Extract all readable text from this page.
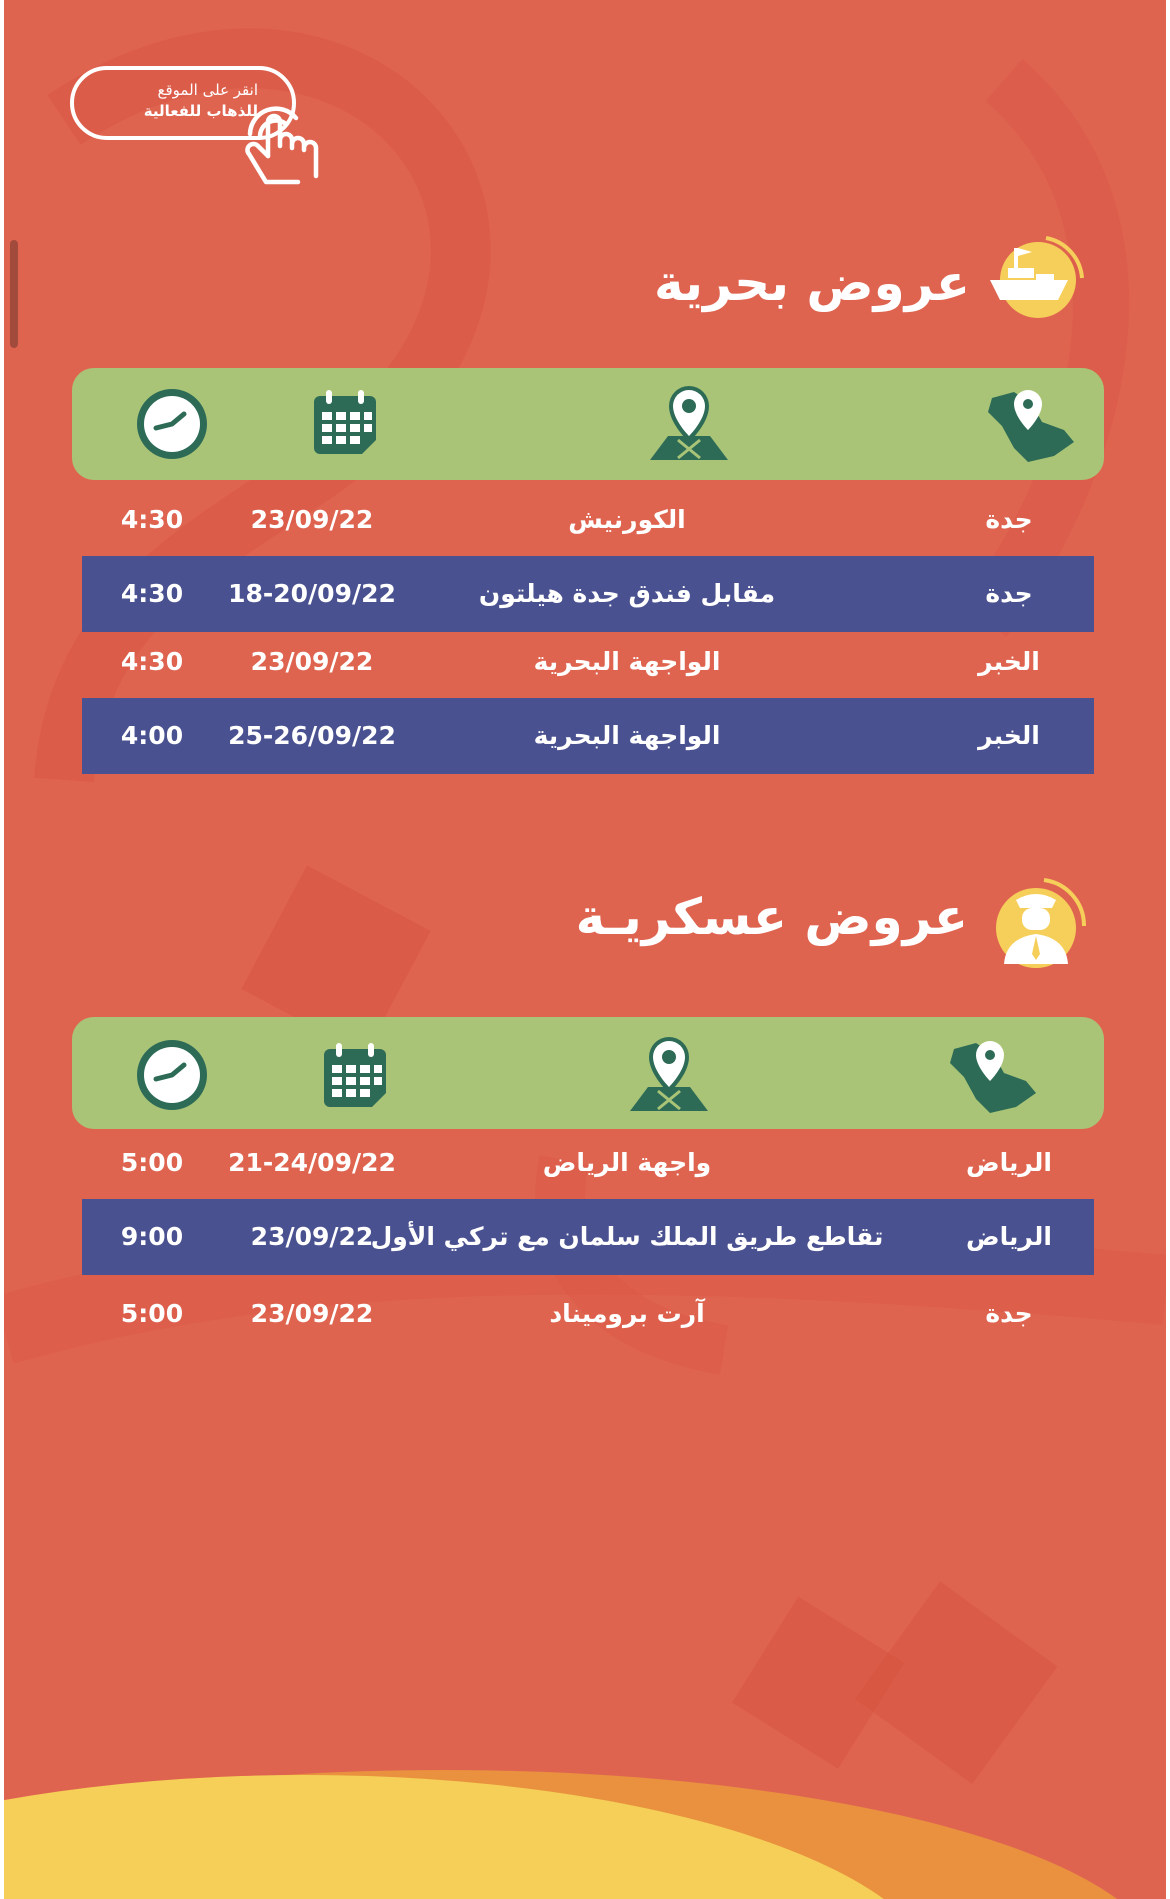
انقر على الموقع
للذهاب للفعالية
عروض بحرية
جدة
الكورنيش
23/09/22
4:30
جدة
مقابل فندق جدة هيلتون
18-20/09/22
4:30
الخبر
الواجهة البحرية
23/09/22
4:30
الخبر
الواجهة البحرية
25-26/09/22
4:00
عروض عسكريـة
الرياض
واجهة الرياض
21-24/09/22
5:00
الرياض
تقاطع طريق الملك سلمان مع تركي الأول
23/09/22
9:00
جدة
آرت بروميناد
23/09/22
5:00
